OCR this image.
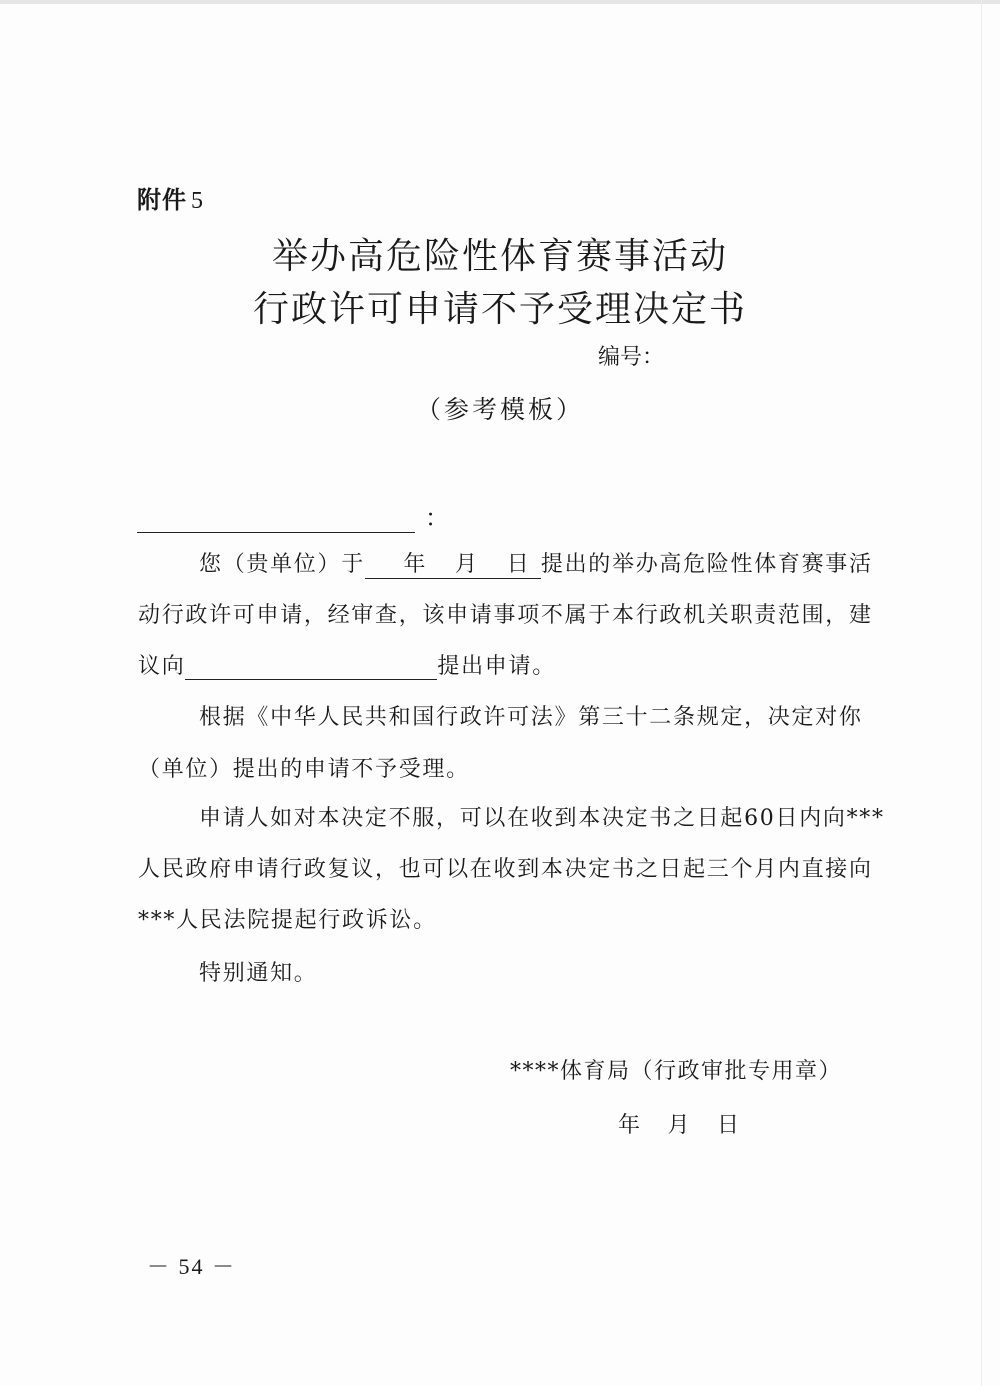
附件 5
举办高危险性体育赛事活动
行政许可申请不予受理决定书
编号：
（参考模板）
：
您（贵单位）于 年 月 日 提出的举办高危险性体育赛事活
动行政许可申请，经审查，该申请事项不属于本行政机关职责范围，建
议向	提出申请。
根据《中华人民共和国行政许可法》第三十二条规定，决定对你
（单位）提出的申请不予受理。
申请人如对本决定不服，可以在收到本决定书之日起60日内向***
人民政府申请行政复议，也可以在收到本决定书之日起三个月内直接向
***人民法院提起行政诉讼。
特别通知。
****体育局（行政审批专用章）
年 月 日
－ 54 －
